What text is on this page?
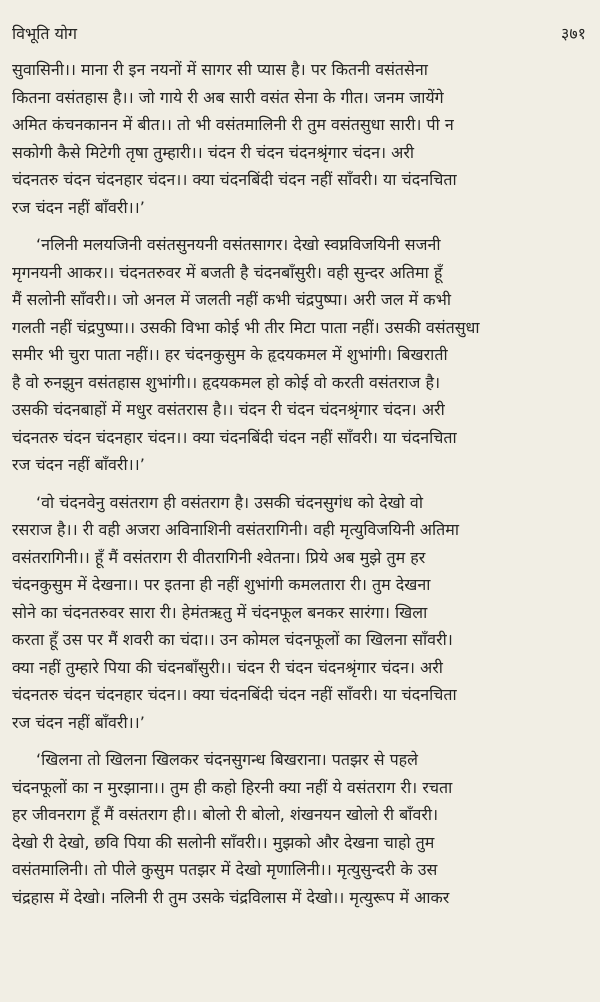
विभूति योग	३७१

सुवासिनी।। माना री इन नयनों में सागर सी प्यास है। पर कितनी वसंतसेना
कितना वसंतहास है।। जो गाये री अब सारी वसंत सेना के गीत। जनम जायेंगे
अमित कंचनकानन में बीत।। तो भी वसंतमालिनी री तुम वसंतसुधा सारी। पी न
सकोगी कैसे मिटेगी तृषा तुम्हारी।। चंदन री चंदन चंदनश्रृंगार चंदन। अरी
चंदनतरु चंदन चंदनहार चंदन।। क्या चंदनबिंदी चंदन नहीं साँवरी। या चंदनचिता
रज चंदन नहीं बाँवरी।।’

‘नलिनी मलयजिनी वसंतसुनयनी वसंतसागर। देखो स्वप्नविजयिनी सजनी
मृगनयनी आकर।। चंदनतरुवर में बजती है चंदनबाँसुरी। वही सुन्दर अतिमा हूँ
मैं सलोनी साँवरी।। जो अनल में जलती नहीं कभी चंद्रपुष्पा। अरी जल में कभी
गलती नहीं चंद्रपुष्पा।। उसकी विभा कोई भी तीर मिटा पाता नहीं। उसकी वसंतसुधा
समीर भी चुरा पाता नहीं।। हर चंदनकुसुम के हृदयकमल में शुभांगी। बिखराती
है वो रुनझुन वसंतहास शुभांगी।। हृदयकमल हो कोई वो करती वसंतराज है।
उसकी चंदनबाहों में मधुर वसंतरास है।। चंदन री चंदन चंदनश्रृंगार चंदन। अरी
चंदनतरु चंदन चंदनहार चंदन।। क्या चंदनबिंदी चंदन नहीं साँवरी। या चंदनचिता
रज चंदन नहीं बाँवरी।।’

‘वो चंदनवेनु वसंतराग ही वसंतराग है। उसकी चंदनसुगंध को देखो वो
रसराज है।। री वही अजरा अविनाशिनी वसंतरागिनी। वही मृत्युविजयिनी अतिमा
वसंतरागिनी।। हूँ मैं वसंतराग री वीतरागिनी श्वेतना। प्रिये अब मुझे तुम हर
चंदनकुसुम में देखना।। पर इतना ही नहीं शुभांगी कमलतारा री। तुम देखना
सोने का चंदनतरुवर सारा री। हेमंतऋतु में चंदनफूल बनकर सारंगा। खिला
करता हूँ उस पर मैं शवरी का चंदा।। उन कोमल चंदनफूलों का खिलना साँवरी।
क्या नहीं तुम्हारे पिया की चंदनबाँसुरी।। चंदन री चंदन चंदनश्रृंगार चंदन। अरी
चंदनतरु चंदन चंदनहार चंदन।। क्या चंदनबिंदी चंदन नहीं साँवरी। या चंदनचिता
रज चंदन नहीं बाँवरी।।’

‘खिलना तो खिलना खिलकर चंदनसुगन्ध बिखराना। पतझर से पहले
चंदनफूलों का न मुरझाना।। तुम ही कहो हिरनी क्या नहीं ये वसंतराग री। रचता
हर जीवनराग हूँ मैं वसंतराग ही।। बोलो री बोलो, शंखनयन खोलो री बाँवरी।
देखो री देखो, छवि पिया की सलोनी साँवरी।। मुझको और देखना चाहो तुम
वसंतमालिनी। तो पीले कुसुम पतझर में देखो मृणालिनी।। मृत्युसुन्दरी के उस
चंद्रहास में देखो। नलिनी री तुम उसके चंद्रविलास में देखो।। मृत्युरूप में आकर
